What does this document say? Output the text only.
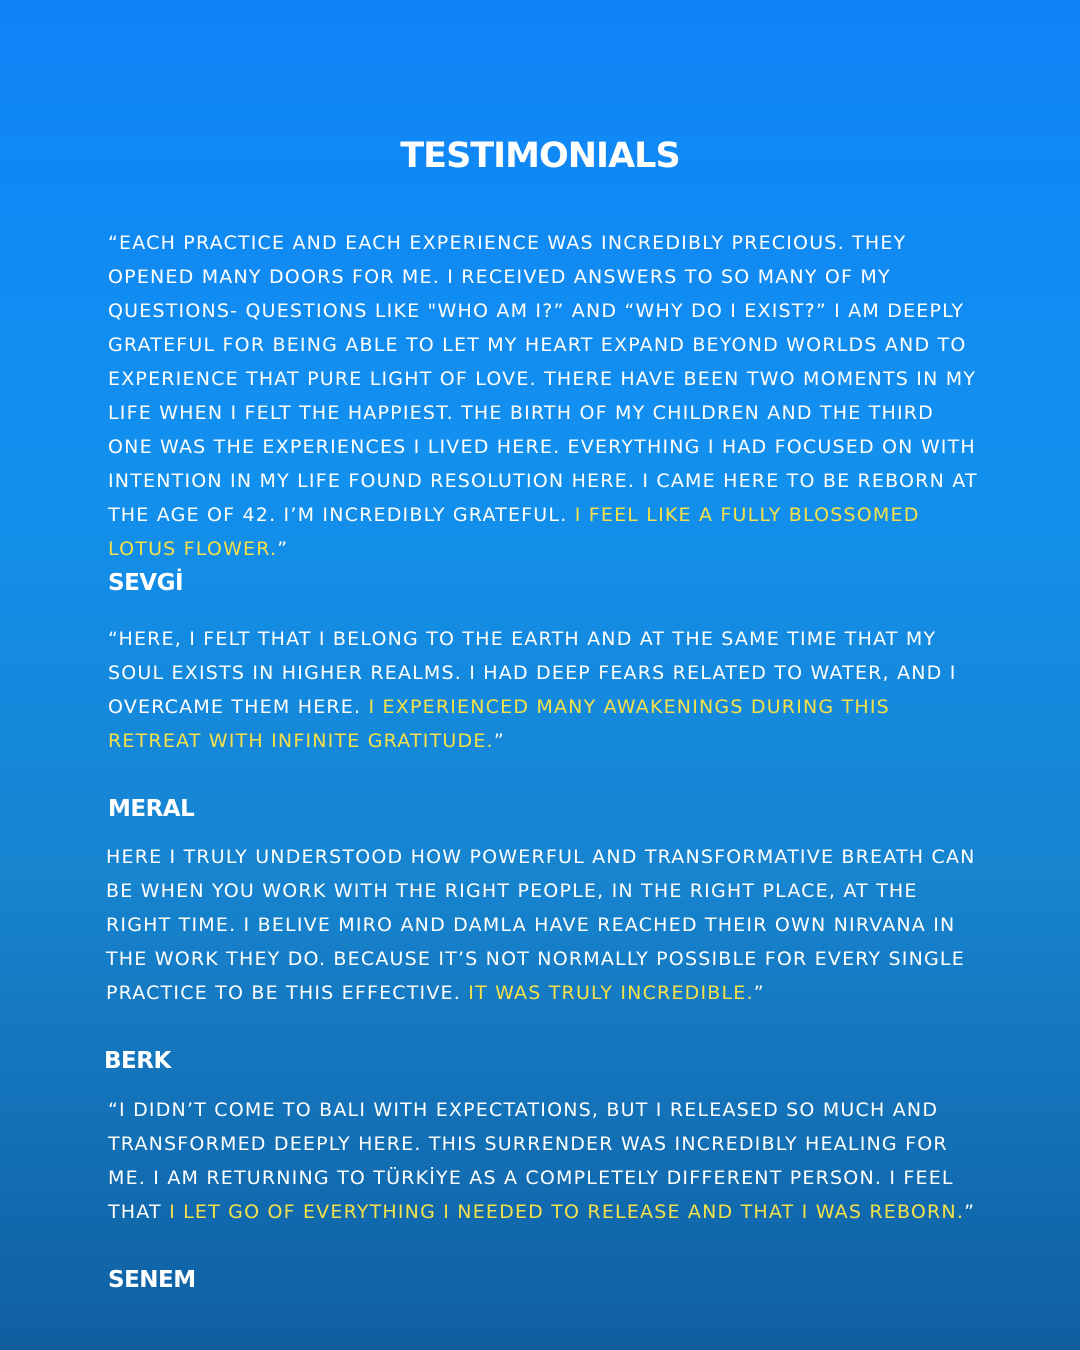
TESTIMONIALS

“EACH PRACTICE AND EACH EXPERIENCE WAS INCREDIBLY PRECIOUS. THEY OPENED MANY DOORS FOR ME. I RECEIVED ANSWERS TO SO MANY OF MY QUESTIONS- QUESTIONS LIKE "WHO AM I?” AND “WHY DO I EXIST?” I AM DEEPLY GRATEFUL FOR BEING ABLE TO LET MY HEART EXPAND BEYOND WORLDS AND TO EXPERIENCE THAT PURE LIGHT OF LOVE. THERE HAVE BEEN TWO MOMENTS IN MY LIFE WHEN I FELT THE HAPPIEST. THE BIRTH OF MY CHILDREN AND THE THIRD ONE WAS THE EXPERIENCES I LIVED HERE. EVERYTHING I HAD FOCUSED ON WITH INTENTION IN MY LIFE FOUND RESOLUTION HERE. I CAME HERE TO BE REBORN AT THE AGE OF 42. I’M INCREDIBLY GRATEFUL. I FEEL LIKE A FULLY BLOSSOMED LOTUS FLOWER.”

SEVGİ

“HERE, I FELT THAT I BELONG TO THE EARTH AND AT THE SAME TIME THAT MY SOUL EXISTS IN HIGHER REALMS. I HAD DEEP FEARS RELATED TO WATER, AND I OVERCAME THEM HERE. I EXPERIENCED MANY AWAKENINGS DURING THIS RETREAT WITH INFINITE GRATITUDE.”

MERAL

HERE I TRULY UNDERSTOOD HOW POWERFUL AND TRANSFORMATIVE BREATH CAN BE WHEN YOU WORK WITH THE RIGHT PEOPLE, IN THE RIGHT PLACE, AT THE RIGHT TIME. I BELIVE MIRO AND DAMLA HAVE REACHED THEIR OWN NIRVANA IN THE WORK THEY DO. BECAUSE IT’S NOT NORMALLY POSSIBLE FOR EVERY SINGLE PRACTICE TO BE THIS EFFECTIVE. IT WAS TRULY INCREDIBLE.”

BERK

“I DIDN’T COME TO BALI WITH EXPECTATIONS, BUT I RELEASED SO MUCH AND TRANSFORMED DEEPLY HERE. THIS SURRENDER WAS INCREDIBLY HEALING FOR ME. I AM RETURNING TO TÜRKİYE AS A COMPLETELY DIFFERENT PERSON. I FEEL THAT I LET GO OF EVERYTHING I NEEDED TO RELEASE AND THAT I WAS REBORN.”

SENEM
